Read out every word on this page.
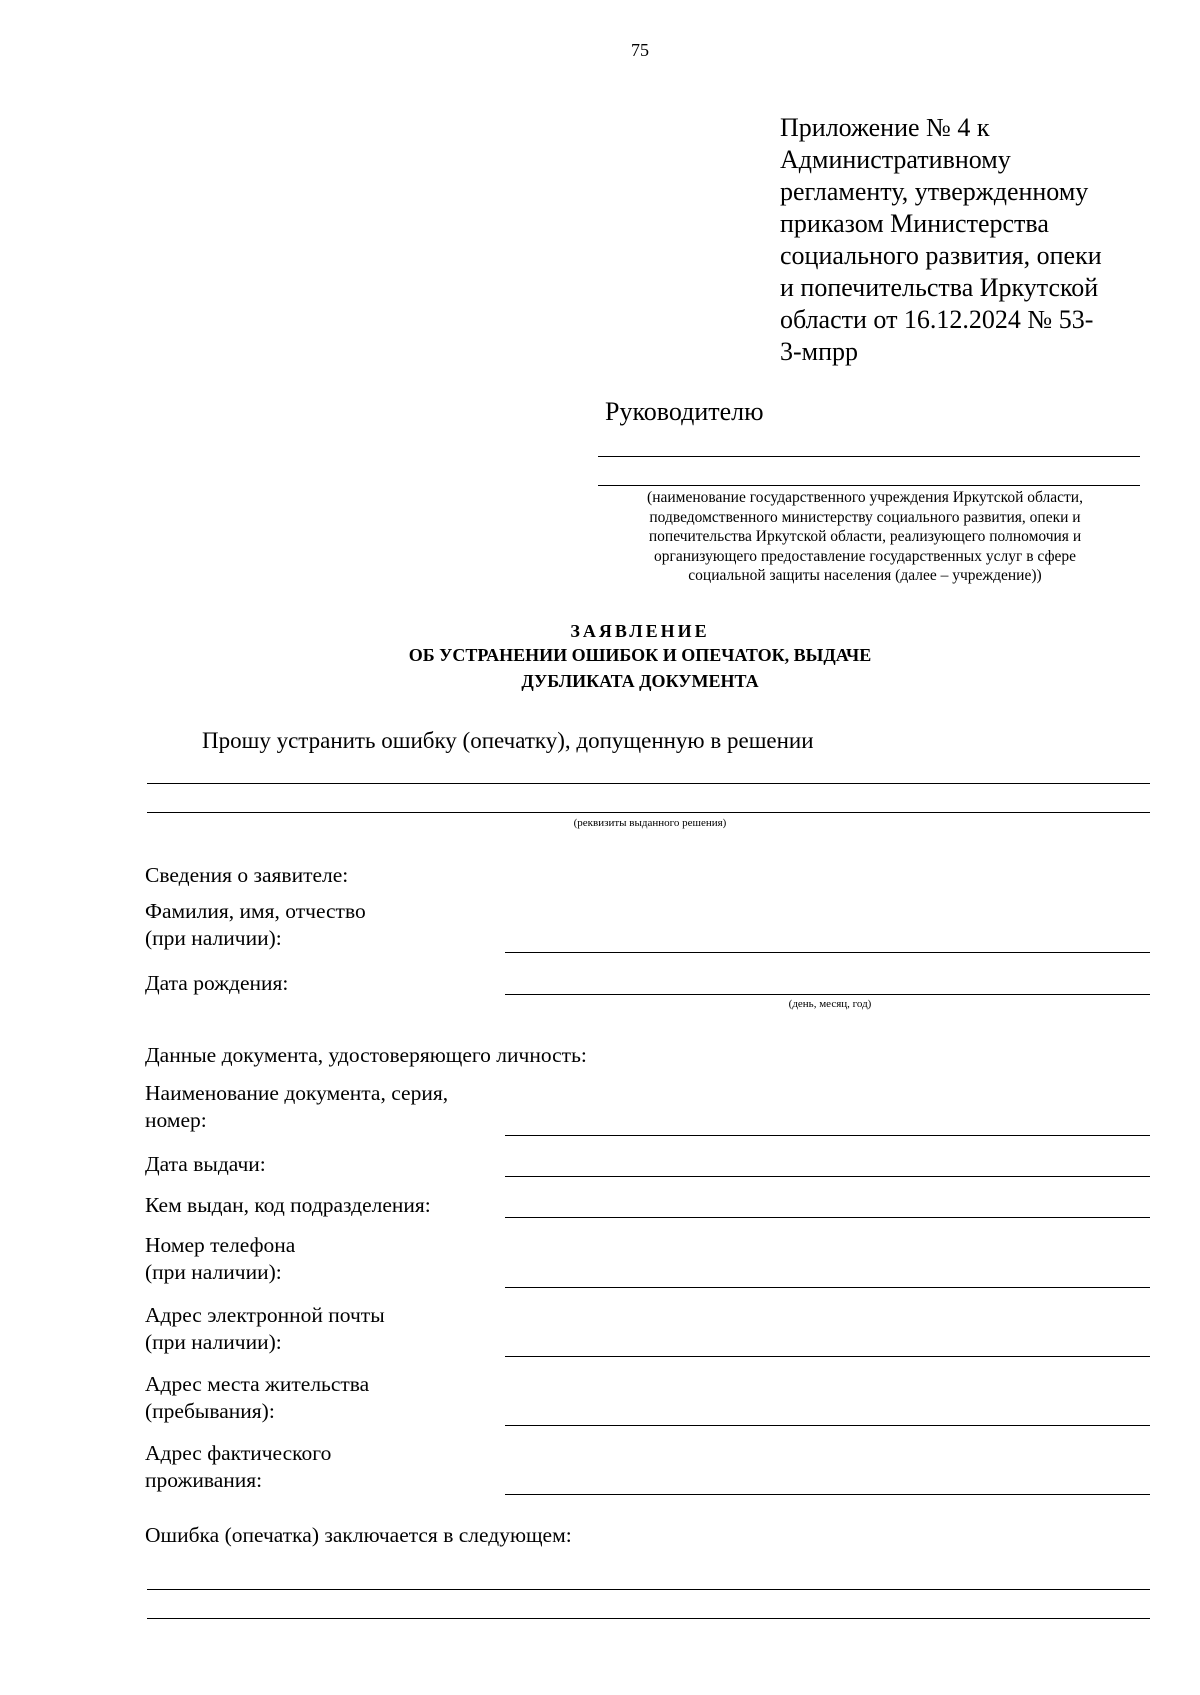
75
Приложение № 4 к
Административному
регламенту, утвержденному
приказом Министерства
социального развития, опеки
и попечительства Иркутской
области от 16.12.2024 № 53-
3-мпрр
Руководителю
(наименование государственного учреждения Иркутской области,
подведомственного министерству социального развития, опеки и
попечительства Иркутской области, реализующего полномочия и
организующего предоставление государственных услуг в сфере
социальной защиты населения (далее – учреждение))
ЗАЯВЛЕНИЕ
ОБ УСТРАНЕНИИ ОШИБОК И ОПЕЧАТОК, ВЫДАЧЕ
ДУБЛИКАТА ДОКУМЕНТА
Прошу устранить ошибку (опечатку), допущенную в решении
(реквизиты выданного решения)
Сведения о заявителе:
Фамилия, имя, отчество
(при наличии):
Дата рождения:
(день, месяц, год)
Данные документа, удостоверяющего личность:
Наименование документа, серия,
номер:
Дата выдачи:
Кем выдан, код подразделения:
Номер телефона
(при наличии):
Адрес электронной почты
(при наличии):
Адрес места жительства
(пребывания):
Адрес фактического
проживания:
Ошибка (опечатка) заключается в следующем:
